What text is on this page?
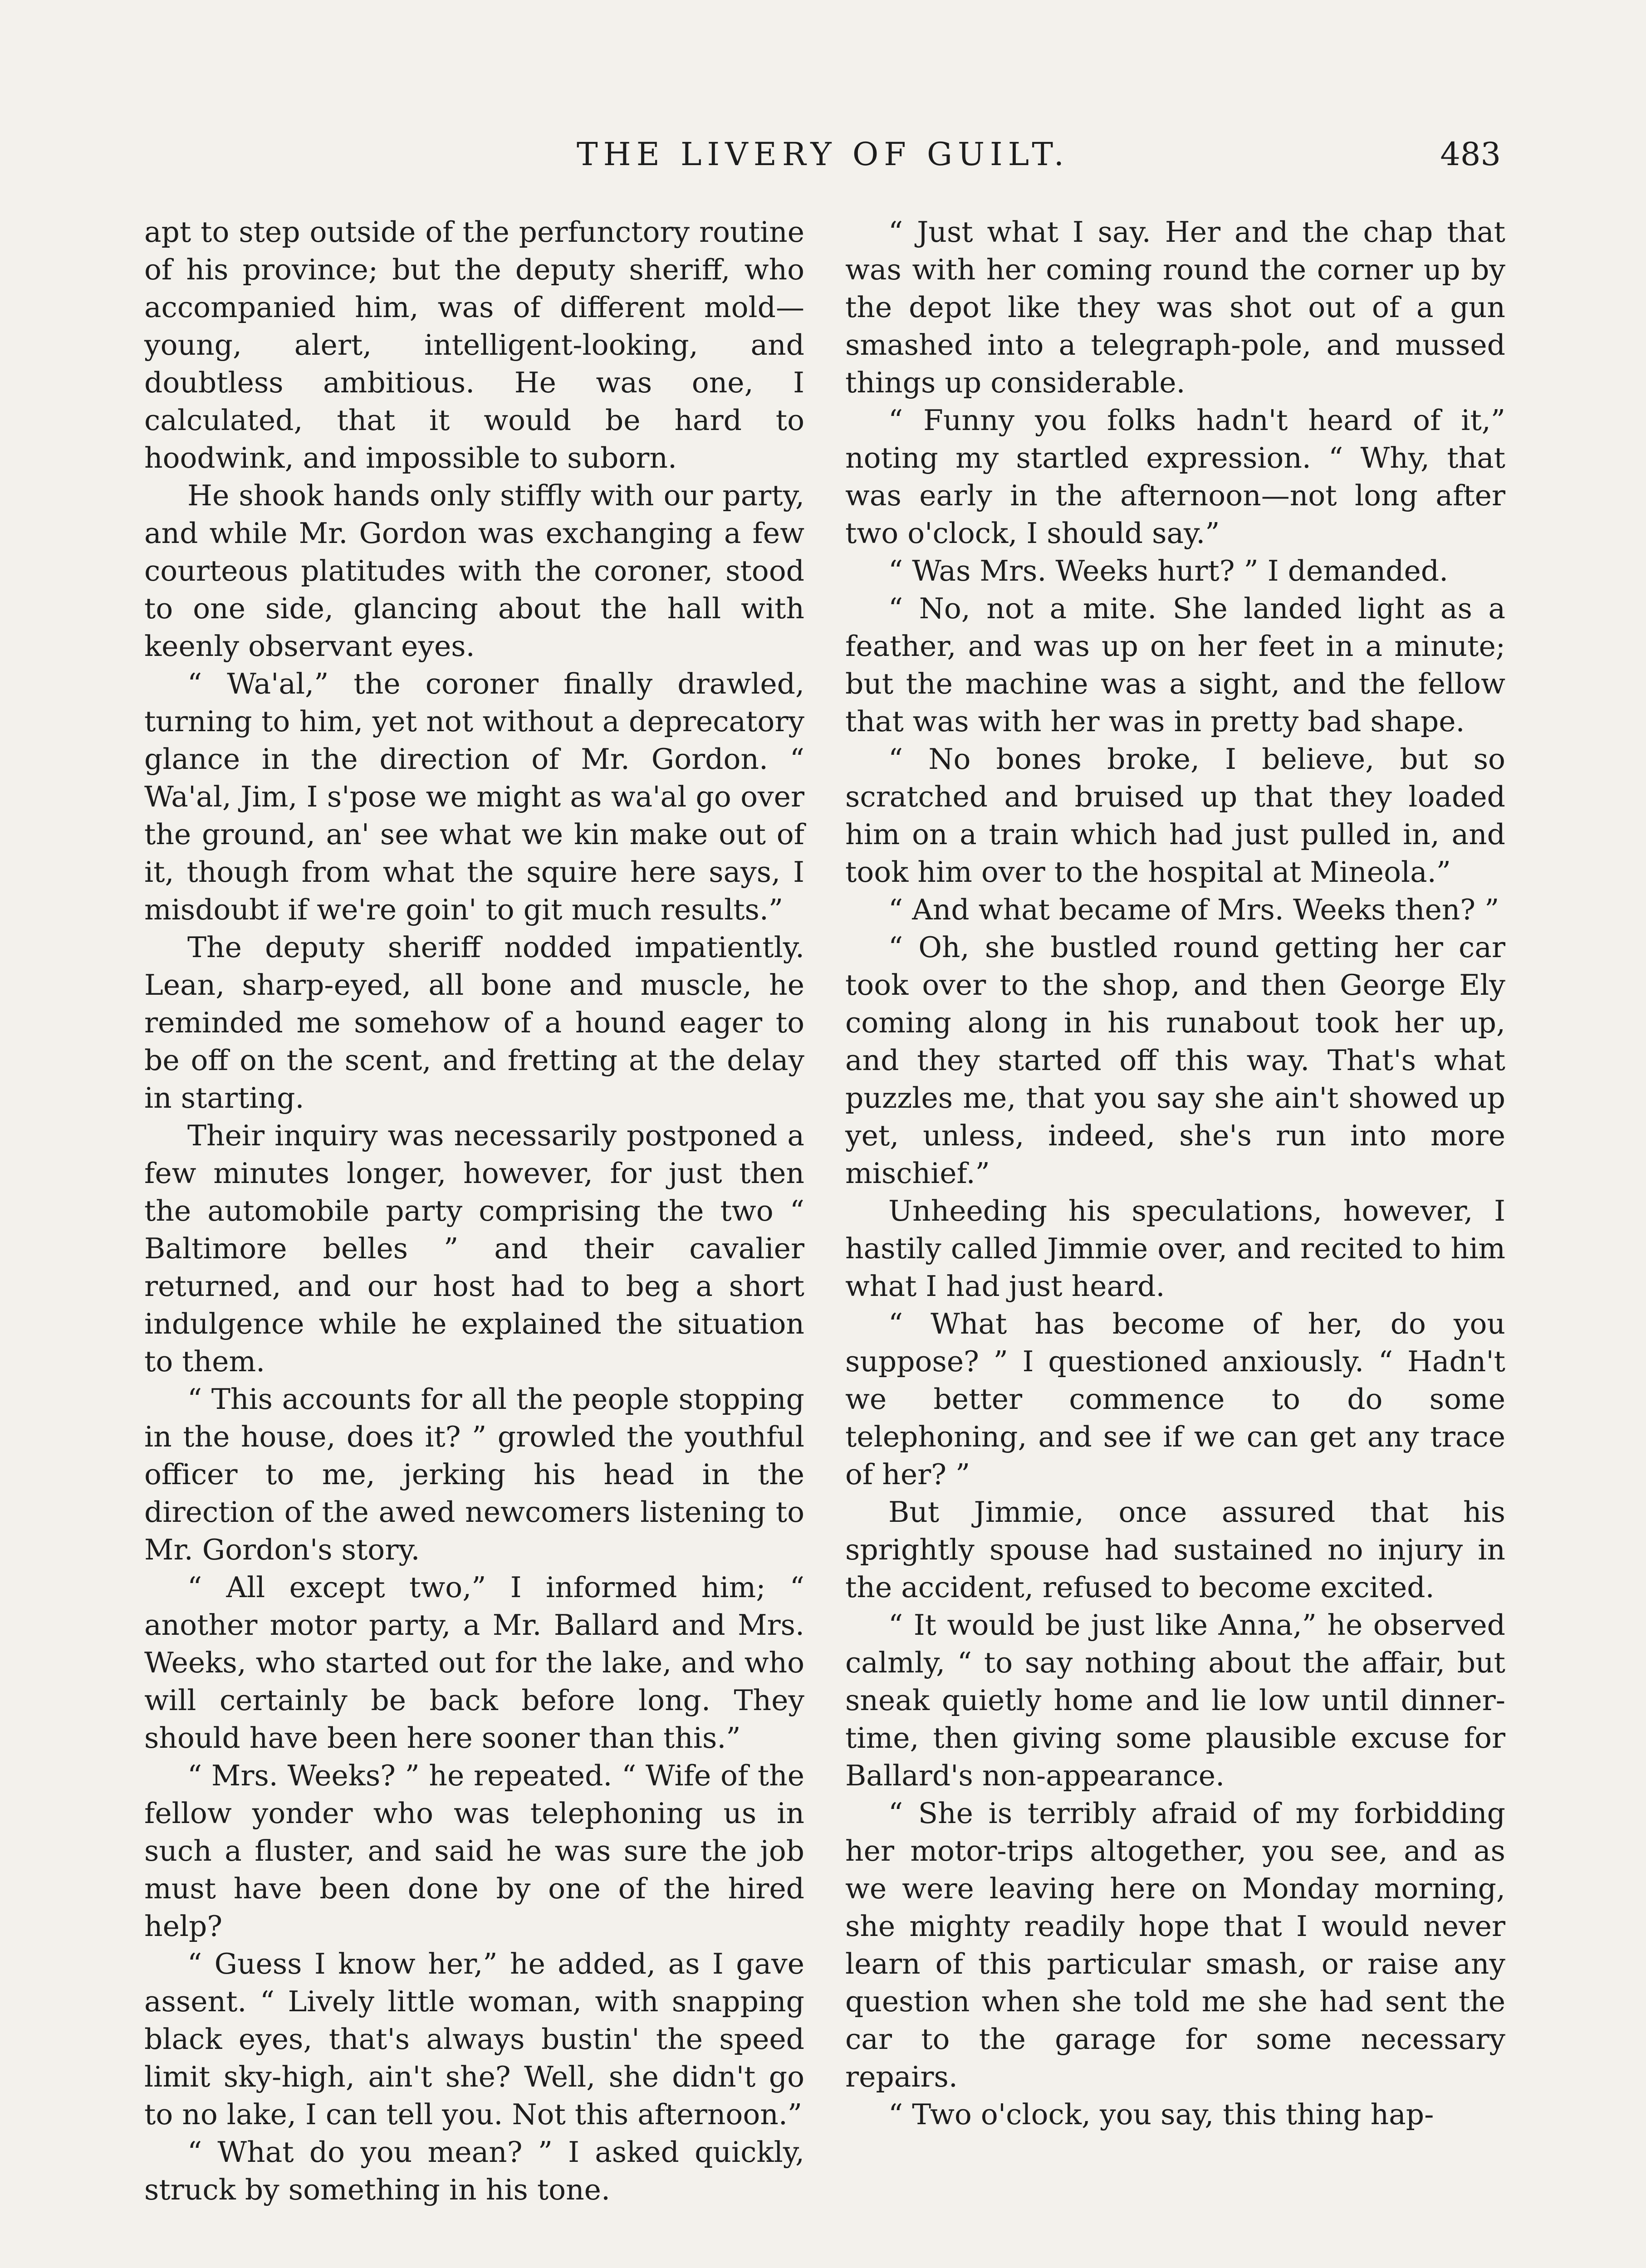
THE LIVERY OF GUILT.	483

apt to step outside of the perfunctory routine of his province; but the deputy sheriff, who accompanied him, was of different mold—young, alert, intelligent-looking, and doubtless ambitious. He was one, I calculated, that it would be hard to hoodwink, and impossible to suborn.

He shook hands only stiffly with our party, and while Mr. Gordon was exchanging a few courteous platitudes with the coroner, stood to one side, glancing about the hall with keenly observant eyes.

“ Wa'al,” the coroner finally drawled, turning to him, yet not without a deprecatory glance in the direction of Mr. Gordon. “ Wa'al, Jim, I s'pose we might as wa'al go over the ground, an' see what we kin make out of it, though from what the squire here says, I misdoubt if we're goin' to git much results.”

The deputy sheriff nodded impatiently. Lean, sharp-eyed, all bone and muscle, he reminded me somehow of a hound eager to be off on the scent, and fretting at the delay in starting.

Their inquiry was necessarily postponed a few minutes longer, however, for just then the automobile party comprising the two “ Baltimore belles ” and their cavalier returned, and our host had to beg a short indulgence while he explained the situation to them.

“ This accounts for all the people stopping in the house, does it? ” growled the youthful officer to me, jerking his head in the direction of the awed newcomers listening to Mr. Gordon's story.

“ All except two,” I informed him; “ another motor party, a Mr. Ballard and Mrs. Weeks, who started out for the lake, and who will certainly be back before long. They should have been here sooner than this.”

“ Mrs. Weeks? ” he repeated. “ Wife of the fellow yonder who was telephoning us in such a fluster, and said he was sure the job must have been done by one of the hired help?

“ Guess I know her,” he added, as I gave assent. “ Lively little woman, with snapping black eyes, that's always bustin' the speed limit sky-high, ain't she? Well, she didn't go to no lake, I can tell you. Not this afternoon.”

“ What do you mean? ” I asked quickly, struck by something in his tone.

“ Just what I say. Her and the chap that was with her coming round the corner up by the depot like they was shot out of a gun smashed into a telegraph-pole, and mussed things up considerable.

“ Funny you folks hadn't heard of it,” noting my startled expression. “ Why, that was early in the afternoon—not long after two o'clock, I should say.”

“ Was Mrs. Weeks hurt? ” I demanded.

“ No, not a mite. She landed light as a feather, and was up on her feet in a minute; but the machine was a sight, and the fellow that was with her was in pretty bad shape.

“ No bones broke, I believe, but so scratched and bruised up that they loaded him on a train which had just pulled in, and took him over to the hospital at Mineola.”

“ And what became of Mrs. Weeks then? ”

“ Oh, she bustled round getting her car took over to the shop, and then George Ely coming along in his runabout took her up, and they started off this way. That's what puzzles me, that you say she ain't showed up yet, unless, indeed, she's run into more mischief.”

Unheeding his speculations, however, I hastily called Jimmie over, and recited to him what I had just heard.

“ What has become of her, do you suppose? ” I questioned anxiously. “ Hadn't we better commence to do some telephoning, and see if we can get any trace of her? ”

But Jimmie, once assured that his sprightly spouse had sustained no injury in the accident, refused to become excited.

“ It would be just like Anna,” he observed calmly, “ to say nothing about the affair, but sneak quietly home and lie low until dinner-time, then giving some plausible excuse for Ballard's non-appearance.

“ She is terribly afraid of my forbidding her motor-trips altogether, you see, and as we were leaving here on Monday morning, she mighty readily hope that I would never learn of this particular smash, or raise any question when she told me she had sent the car to the garage for some necessary repairs.

“ Two o'clock, you say, this thing hap-
